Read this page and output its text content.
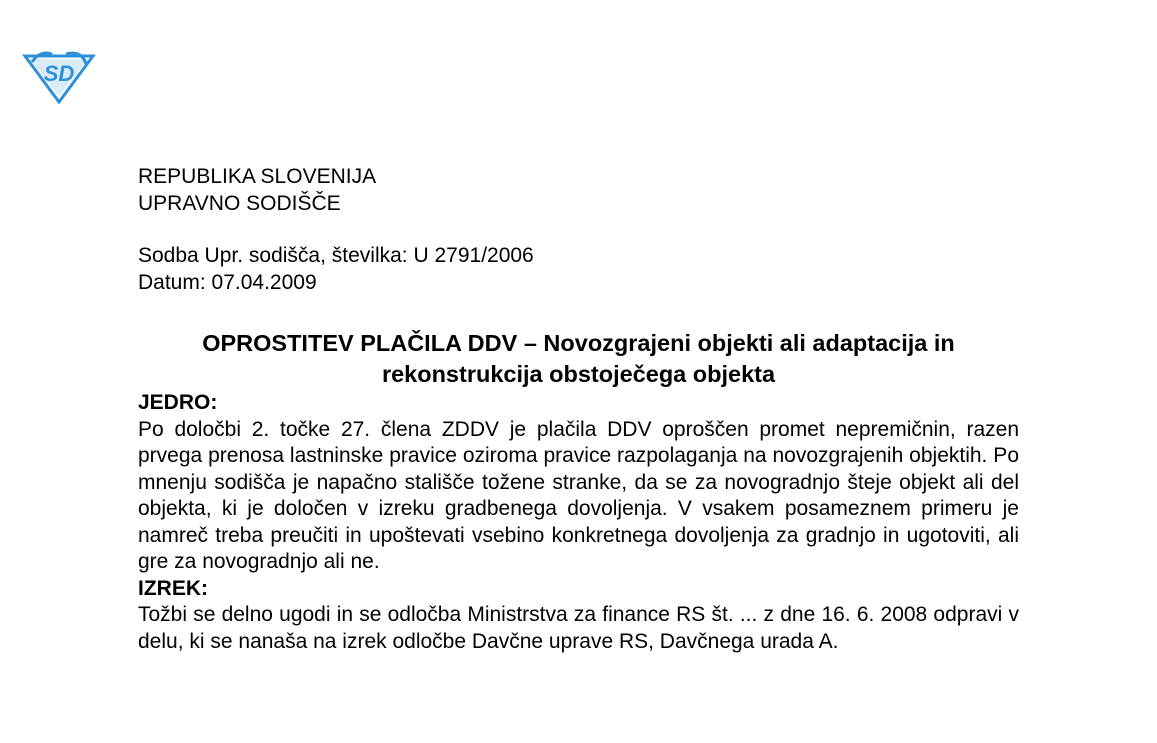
SD

REPUBLIKA SLOVENIJA

UPRAVNO SODIŠČE

Sodba Upr. sodišča, številka: U 2791/2006

Datum: 07.04.2009

OPROSTITEV PLAČILA DDV – Novozgrajeni objekti ali adaptacija in rekonstrukcija obstoječega objekta

JEDRO:

Po določbi 2. točke 27. člena ZDDV je plačila DDV oproščen promet nepremičnin, razen prvega prenosa lastninske pravice oziroma pravice razpolaganja na novozgrajenih objektih. Po mnenju sodišča je napačno stališče tožene stranke, da se za novogradnjo šteje objekt ali del objekta, ki je določen v izreku gradbenega dovoljenja. V vsakem posameznem primeru je namreč treba preučiti in upoštevati vsebino konkretnega dovoljenja za gradnjo in ugotoviti, ali gre za novogradnjo ali ne.

IZREK:

Tožbi se delno ugodi in se odločba Ministrstva za finance RS št. ... z dne 16. 6. 2008 odpravi v delu, ki se nanaša na izrek odločbe Davčne uprave RS, Davčnega urada A.
